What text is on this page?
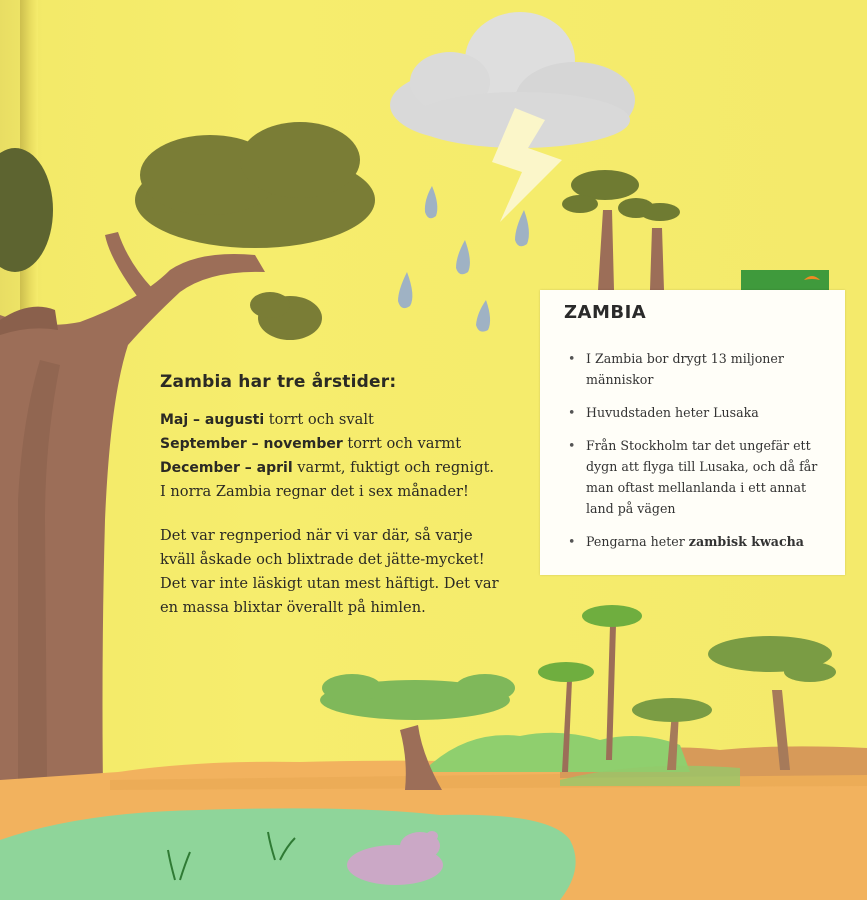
Zambia har tre årstider:

Maj – augusti torrt och svalt
September – november torrt och varmt
December – april varmt, fuktigt och regnigt. I norra Zambia regnar det i sex månader!

Det var regnperiod när vi var där, så varje kväll åskade och blixtrade det jätte-mycket! Det var inte läskigt utan mest häftigt. Det var en massa blixtar överallt på himlen.

ZAMBIA
• I Zambia bor drygt 13 miljoner människor
• Huvudstaden heter Lusaka
• Från Stockholm tar det ungefär ett dygn att flyga till Lusaka, och då får man oftast mellanlanda i ett annat land på vägen
• Pengarna heter zambisk kwacha
